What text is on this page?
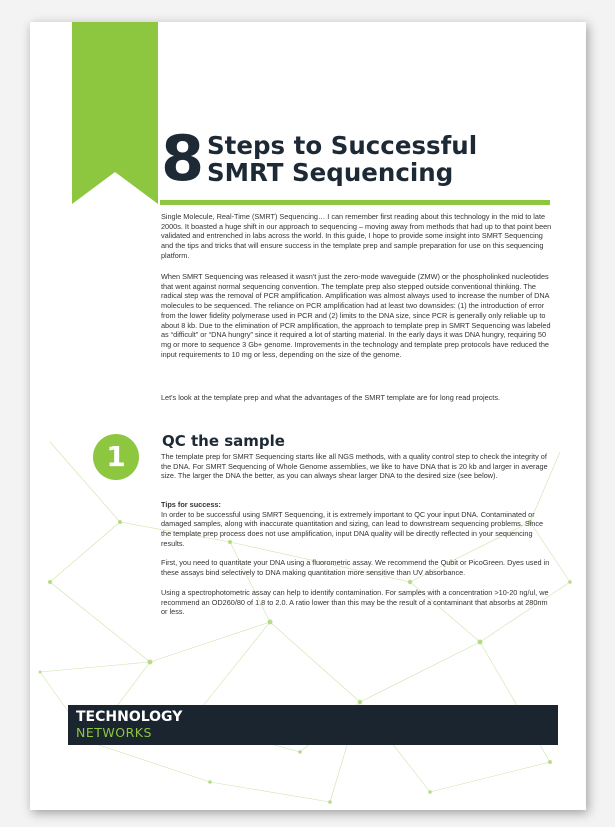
8 Steps to Successful
SMRT Sequencing

Single Molecule, Real-Time (SMRT) Sequencing… I can remember first reading about this technology in the mid to late 2000s. It boasted a huge shift in our approach to sequencing – moving away from methods that had up to that point been validated and entrenched in labs across the world. In this guide, I hope to provide some insight into SMRT Sequencing and the tips and tricks that will ensure success in the template prep and sample preparation for use on this sequencing platform.

When SMRT Sequencing was released it wasn't just the zero-mode waveguide (ZMW) or the phospholinked nucleotides that went against normal sequencing convention. The template prep also stepped outside conventional thinking. The radical step was the removal of PCR amplification. Amplification was almost always used to increase the number of DNA molecules to be sequenced. The reliance on PCR amplification had at least two downsides: (1) the introduction of error from the lower fidelity polymerase used in PCR and (2) limits to the DNA size, since PCR is generally only reliable up to about 8 kb. Due to the elimination of PCR amplification, the approach to template prep in SMRT Sequencing was labeled as “difficult” or “DNA hungry” since it required a lot of starting material. In the early days it was DNA hungry, requiring 50 mg or more to sequence 3 Gb+ genome. Improvements in the technology and template prep protocols have reduced the input requirements to 10 mg or less, depending on the size of the genome.

Let's look at the template prep and what the advantages of the SMRT template are for long read projects.

1	QC the sample

The template prep for SMRT Sequencing starts like all NGS methods, with a quality control step to check the integrity of the DNA. For SMRT Sequencing of Whole Genome assemblies, we like to have DNA that is 20 kb and larger in average size. The larger the DNA the better, as you can always shear larger DNA to the desired size (see below).

Tips for success:

In order to be successful using SMRT Sequencing, it is extremely important to QC your input DNA. Contaminated or damaged samples, along with inaccurate quantitation and sizing, can lead to downstream sequencing problems. Since the template prep process does not use amplification, input DNA quality will be directly reflected in your sequencing results.

First, you need to quantitate your DNA using a fluorometric assay. We recommend the Qubit or PicoGreen. Dyes used in these assays bind selectively to DNA making quantitation more sensitive than UV absorbance.

Using a spectrophotometric assay can help to identify contamination. For samples with a concentration >10-20 ng/ul, we recommend an OD260/80 of 1.8 to 2.0. A ratio lower than this may be the result of a contaminant that absorbs at 280nm or less.

TECHNOLOGY
NETWORKS
